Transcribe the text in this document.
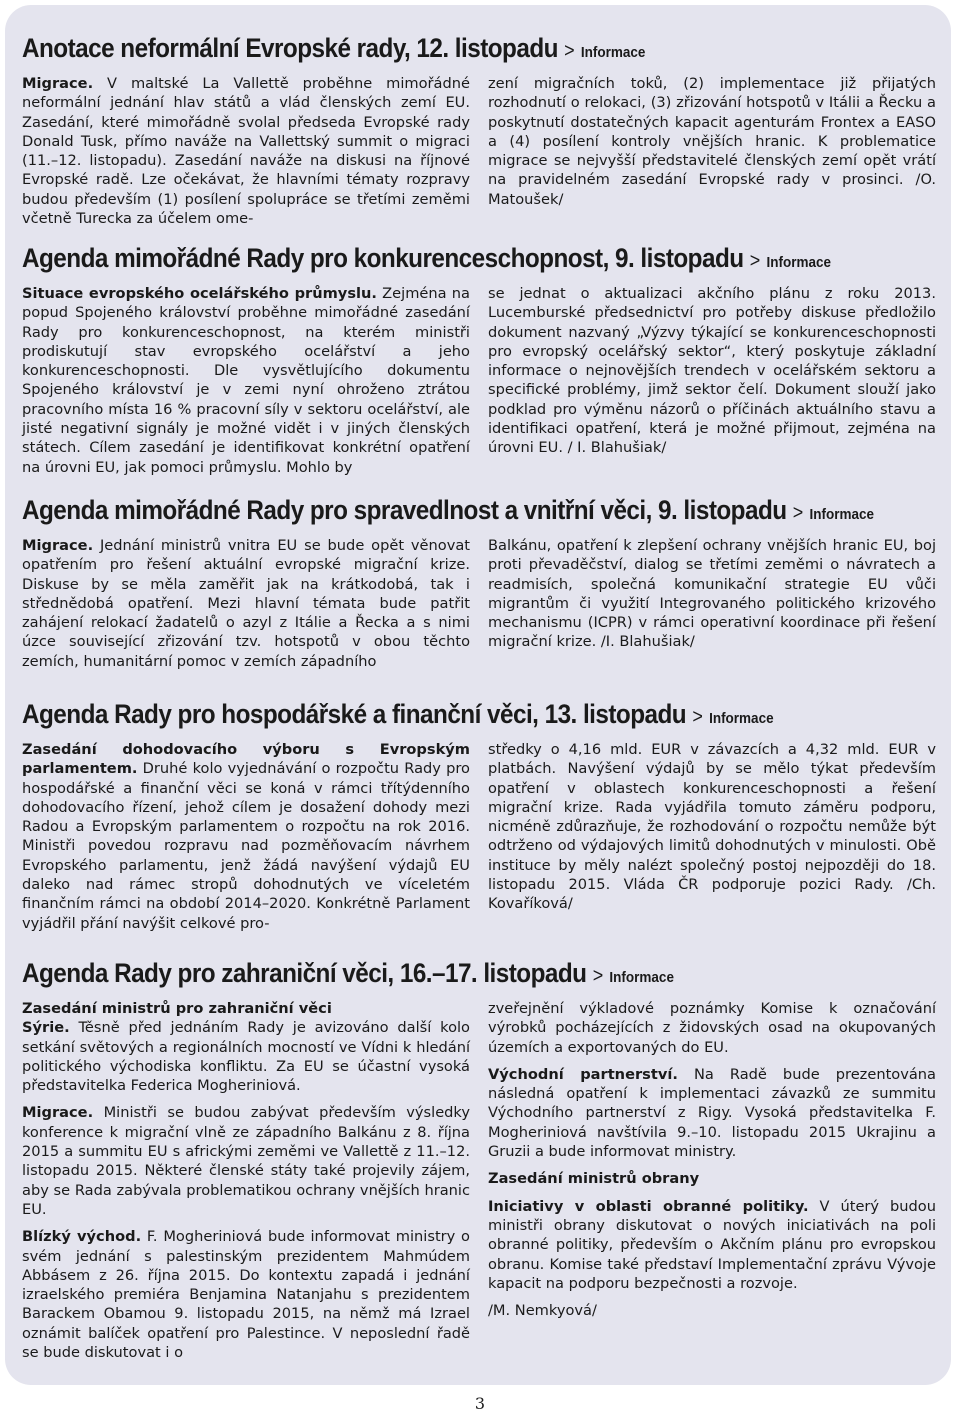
Anotace neformální Evropské rady, 12. listopadu > Informace

Migrace. V maltské La Vallettě proběhne mimořádné neformální jednání hlav států a vlád členských zemí EU. Zasedání, které mimořádně svolal předseda Evropské rady Donald Tusk, přímo naváže na Vallettský summit o migraci (11.–12. listopadu). Zasedání naváže na diskusi na říjnové Evropské radě. Lze očekávat, že hlavními tématy rozpravy budou především (1) posílení spolupráce se třetími zeměmi včetně Turecka za účelem ome-

zení migračních toků, (2) implementace již přijatých rozhodnutí o relokaci, (3) zřizování hotspotů v Itálii a Řecku a poskytnutí dostatečných kapacit agenturám Frontex a EASO a (4) posílení kontroly vnějších hranic. K problematice migrace se nejvyšší představitelé členských zemí opět vrátí na pravidelném zasedání Evropské rady v prosinci. /O. Matoušek/

Agenda mimořádné Rady pro konkurenceschopnost, 9. listopadu > Informace

Situace evropského ocelářského průmyslu. Zejména na popud Spojeného království proběhne mimořádné zasedání Rady pro konkurenceschopnost, na kterém ministři prodiskutují stav evropského ocelářství a jeho konkurenceschopnosti. Dle vysvětlujícího dokumentu Spojeného království je v zemi nyní ohroženo ztrátou pracovního místa 16 % pracovní síly v sektoru ocelářství, ale jisté negativní signály je možné vidět i v jiných členských státech. Cílem zasedání je identifikovat konkrétní opatření na úrovni EU, jak pomoci průmyslu. Mohlo by

se jednat o aktualizaci akčního plánu z roku 2013. Lucemburské předsednictví pro potřeby diskuse předložilo dokument nazvaný „Výzvy týkající se konkurenceschopnosti pro evropský ocelářský sektor“, který poskytuje základní informace o nejnovějších trendech v ocelářském sektoru a specifické problémy, jimž sektor čelí. Dokument slouží jako podklad pro výměnu názorů o příčinách aktuálního stavu a identifikaci opatření, která je možné přijmout, zejména na úrovni EU. / I. Blahušiak/

Agenda mimořádné Rady pro spravedlnost a vnitřní věci, 9. listopadu > Informace

Migrace. Jednání ministrů vnitra EU se bude opět věnovat opatřením pro řešení aktuální evropské migrační krize. Diskuse by se měla zaměřit jak na krátkodobá, tak i střednědobá opatření. Mezi hlavní témata bude patřit zahájení relokací žadatelů o azyl z Itálie a Řecka a s nimi úzce související zřizování tzv. hotspotů v obou těchto zemích, humanitární pomoc v zemích západního

Balkánu, opatření k zlepšení ochrany vnějších hranic EU, boj proti převaděčství, dialog se třetími zeměmi o návratech a readmisích, společná komunikační strategie EU vůči migrantům či využití Integrovaného politického krizového mechanismu (ICPR) v rámci operativní koordinace při řešení migrační krize. /I. Blahušiak/

Agenda Rady pro hospodářské a finanční věci, 13. listopadu > Informace

Zasedání dohodovacího výboru s Evropským parlamentem. Druhé kolo vyjednávání o rozpočtu Rady pro hospodářské a finanční věci se koná v rámci třítýdenního dohodovacího řízení, jehož cílem je dosažení dohody mezi Radou a Evropským parlamentem o rozpočtu na rok 2016. Ministři povedou rozpravu nad pozměňovacím návrhem Evropského parlamentu, jenž žádá navýšení výdajů EU daleko nad rámec stropů dohodnutých ve víceletém finančním rámci na období 2014–2020. Konkrétně Parlament vyjádřil přání navýšit celkové pro-

středky o 4,16 mld. EUR v závazcích a 4,32 mld. EUR v platbách. Navýšení výdajů by se mělo týkat především opatření v oblastech konkurenceschopnosti a řešení migrační krize. Rada vyjádřila tomuto záměru podporu, nicméně zdůrazňuje, že rozhodování o rozpočtu nemůže být odtrženo od výdajových limitů dohodnutých v minulosti. Obě instituce by měly nalézt společný postoj nejpozději do 18. listopadu 2015. Vláda ČR podporuje pozici Rady. /Ch. Kovaříková/

Agenda Rady pro zahraniční věci, 16.–17. listopadu > Informace

Zasedání ministrů pro zahraniční věci

Sýrie. Těsně před jednáním Rady je avizováno další kolo setkání světových a regionálních mocností ve Vídni k hledání politického východiska konfliktu. Za EU se účastní vysoká představitelka Federica Mogheriniová.

Migrace. Ministři se budou zabývat především výsledky konference k migrační vlně ze západního Balkánu z 8. října 2015 a summitu EU s africkými zeměmi ve Vallettě z 11.–12. listopadu 2015. Některé členské státy také projevily zájem, aby se Rada zabývala problematikou ochrany vnějších hranic EU.

Blízký východ. F. Mogheriniová bude informovat ministry o svém jednání s palestinským prezidentem Mahmúdem Abbásem z 26. října 2015. Do kontextu zapadá i jednání izraelského premiéra Benjamina Natanjahu s prezidentem Barackem Obamou 9. listopadu 2015, na němž má Izrael oznámit balíček opatření pro Palestince. V neposlední řadě se bude diskutovat i o

zveřejnění výkladové poznámky Komise k označování výrobků pocházejících z židovských osad na okupovaných územích a exportovaných do EU.

Východní partnerství. Na Radě bude prezentována následná opatření k implementaci závazků ze summitu Východního partnerství z Rigy. Vysoká představitelka F. Mogheriniová navštívila 9.–10. listopadu 2015 Ukrajinu a Gruzii a bude informovat ministry.

Zasedání ministrů obrany

Iniciativy v oblasti obranné politiky. V úterý budou ministři obrany diskutovat o nových iniciativách na poli obranné politiky, především o Akčním plánu pro evropskou obranu. Komise také představí Implementační zprávu Vývoje kapacit na podporu bezpečnosti a rozvoje.

/M. Nemkyová/

3
